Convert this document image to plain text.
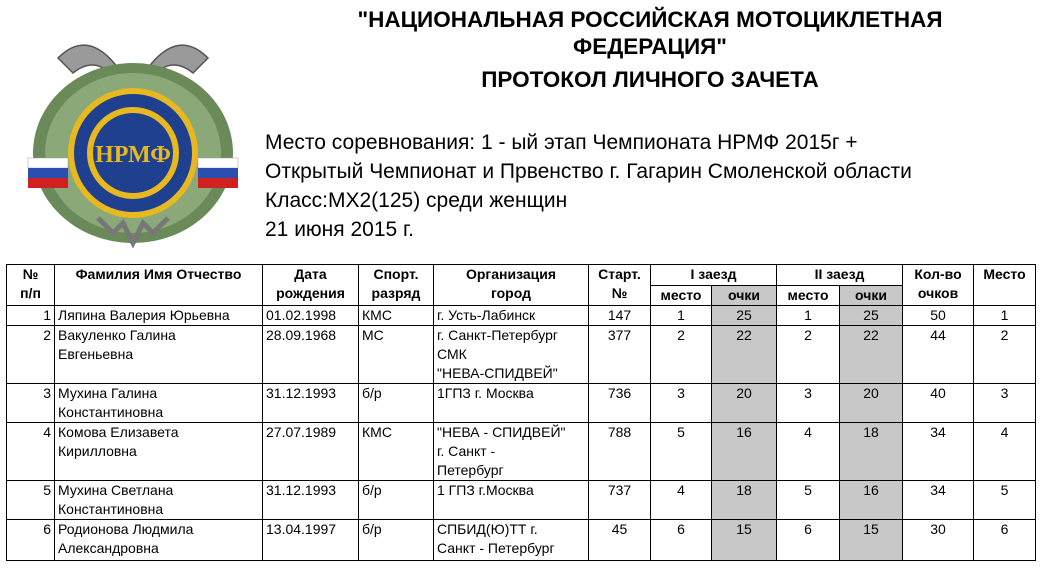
НРМФ
"НАЦИОНАЛЬНАЯ РОССИЙСКАЯ МОТОЦИКЛЕТНАЯ
ФЕДЕРАЦИЯ"
ПРОТОКОЛ ЛИЧНОГО ЗАЧЕТА
Место соревнования: 1 - ый этап Чемпионата НРМФ 2015г +
Открытый Чемпионат и Првенство г. Гагарин Смоленской области
Класс:МХ2(125) среди женщин
21 июня 2015 г.
№
п/п	Фамилия Имя Отчество	Дата
рождения	Спорт.
разряд	Организация
город	Старт.
№	I заезд		II заезд		Кол-во
очков	Место
						место	очки	место	очки		
1	Ляпина Валерия Юрьевна	01.02.1998	КМС	г. Усть-Лабинск	147	1	25	1	25	50	1
2	Вакуленко Галина
Евгеньевна	28.09.1968	МС	г. Санкт-Петербург
СМК
"НЕВА-СПИДВЕЙ"	377	2	22	2	22	44	2
3	Мухина Галина
Константиновна	31.12.1993	б/р	1ГПЗ г. Москва	736	3	20	3	20	40	3
4	Комова Елизавета
Кирилловна	27.07.1989	КМС	"НЕВА - СПИДВЕЙ"
г. Санкт -
Петербург	788	5	16	4	18	34	4
5	Мухина Светлана
Константиновна	31.12.1993	б/р	1 ГПЗ г.Москва	737	4	18	5	16	34	5
6	Родионова Людмила
Александровна	13.04.1997	б/р	СПБИД(Ю)ТТ г.
Санкт - Петербург	45	6	15	6	15	30	6
